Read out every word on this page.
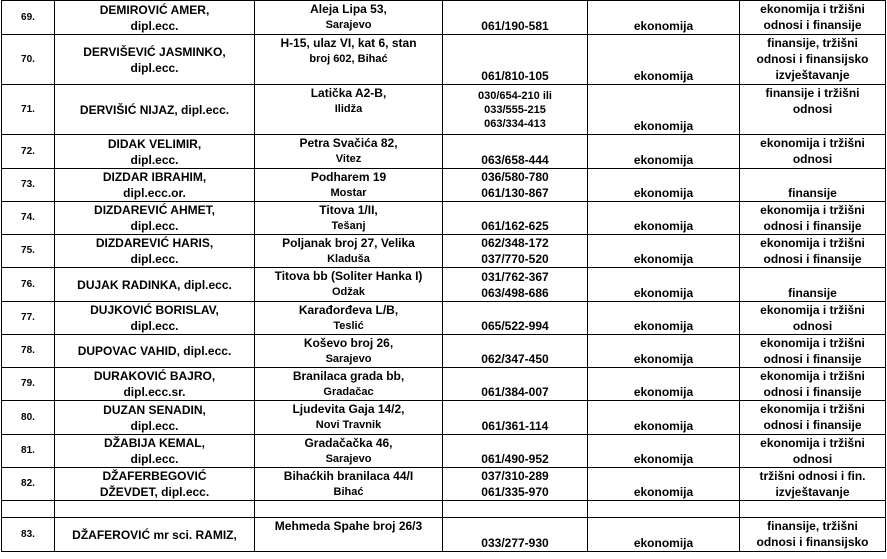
69.	DEMIROVIĆ AMER,
dipl.ecc.	Aleja Lipa 53,
Sarajevo	061/190-581	ekonomija	ekonomija i tržišni
odnosi i finansije

70.	DERVIŠEVIĆ JASMINKO,
dipl.ecc.	H-15, ulaz VI, kat 6, stan
broj 602, Bihać	061/810-105	ekonomija	finansije, tržišni
odnosi i finansijsko
izvještavanje

71.	DERVIŠIĆ NIJAZ, dipl.ecc.	Latička A2-B,
Ilidža	030/654-210 ili
033/555-215
063/334-413	ekonomija	finansije i tržišni
odnosi

72.	DIDAK VELIMIR,
dipl.ecc.	Petra Svačića 82,
Vitez	063/658-444	ekonomija	ekonomija i tržišni
odnosi

73.	DIZDAR IBRAHIM,
dipl.ecc.or.	Podharem 19
Mostar	036/580-780
061/130-867	ekonomija	finansije

74.	DIZDAREVIĆ AHMET,
dipl.ecc.	Titova 1/II,
Tešanj	061/162-625	ekonomija	ekonomija i tržišni
odnosi i finansije

75.	DIZDAREVIĆ HARIS,
dipl.ecc.	Poljanak broj 27, Velika
Kladuša	062/348-172
037/770-520	ekonomija	ekonomija i tržišni
odnosi i finansije

76.	DUJAK RADINKA, dipl.ecc.	Titova bb (Soliter Hanka I)
Odžak	031/762-367
063/498-686	ekonomija	finansije

77.	DUJKOVIĆ BORISLAV,
dipl.ecc.	Karađorđeva L/B,
Teslić	065/522-994	ekonomija	ekonomija i tržišni
odnosi

78.	DUPOVAC VAHID, dipl.ecc.	Koševo broj 26,
Sarajevo	062/347-450	ekonomija	ekonomija i tržišni
odnosi i finansije

79.	DURAKOVIĆ BAJRO,
dipl.ecc.sr.	Branilaca grada bb,
Gradačac	061/384-007	ekonomija	ekonomija i tržišni
odnosi i finansije

80.	DUZAN SENADIN,
dipl.ecc.	Ljudevita Gaja 14/2,
Novi Travnik	061/361-114	ekonomija	ekonomija i tržišni
odnosi i finansije

81.	DŽABIJA KEMAL,
dipl.ecc.	Gradačačka 46,
Sarajevo	061/490-952	ekonomija	ekonomija i tržišni
odnosi

82.	DŽAFERBEGOVIĆ
DŽEVDET, dipl.ecc.	Bihaćkih branilaca 44/I
Bihać	037/310-289
061/335-970	ekonomija	tržišni odnosi i fin.
izvještavanje

83.	DŽAFEROVIĆ mr sci. RAMIZ,	Mehmeda Spahe broj 26/3	033/277-930	ekonomija	finansije, tržišni
odnosi i finansijsko
